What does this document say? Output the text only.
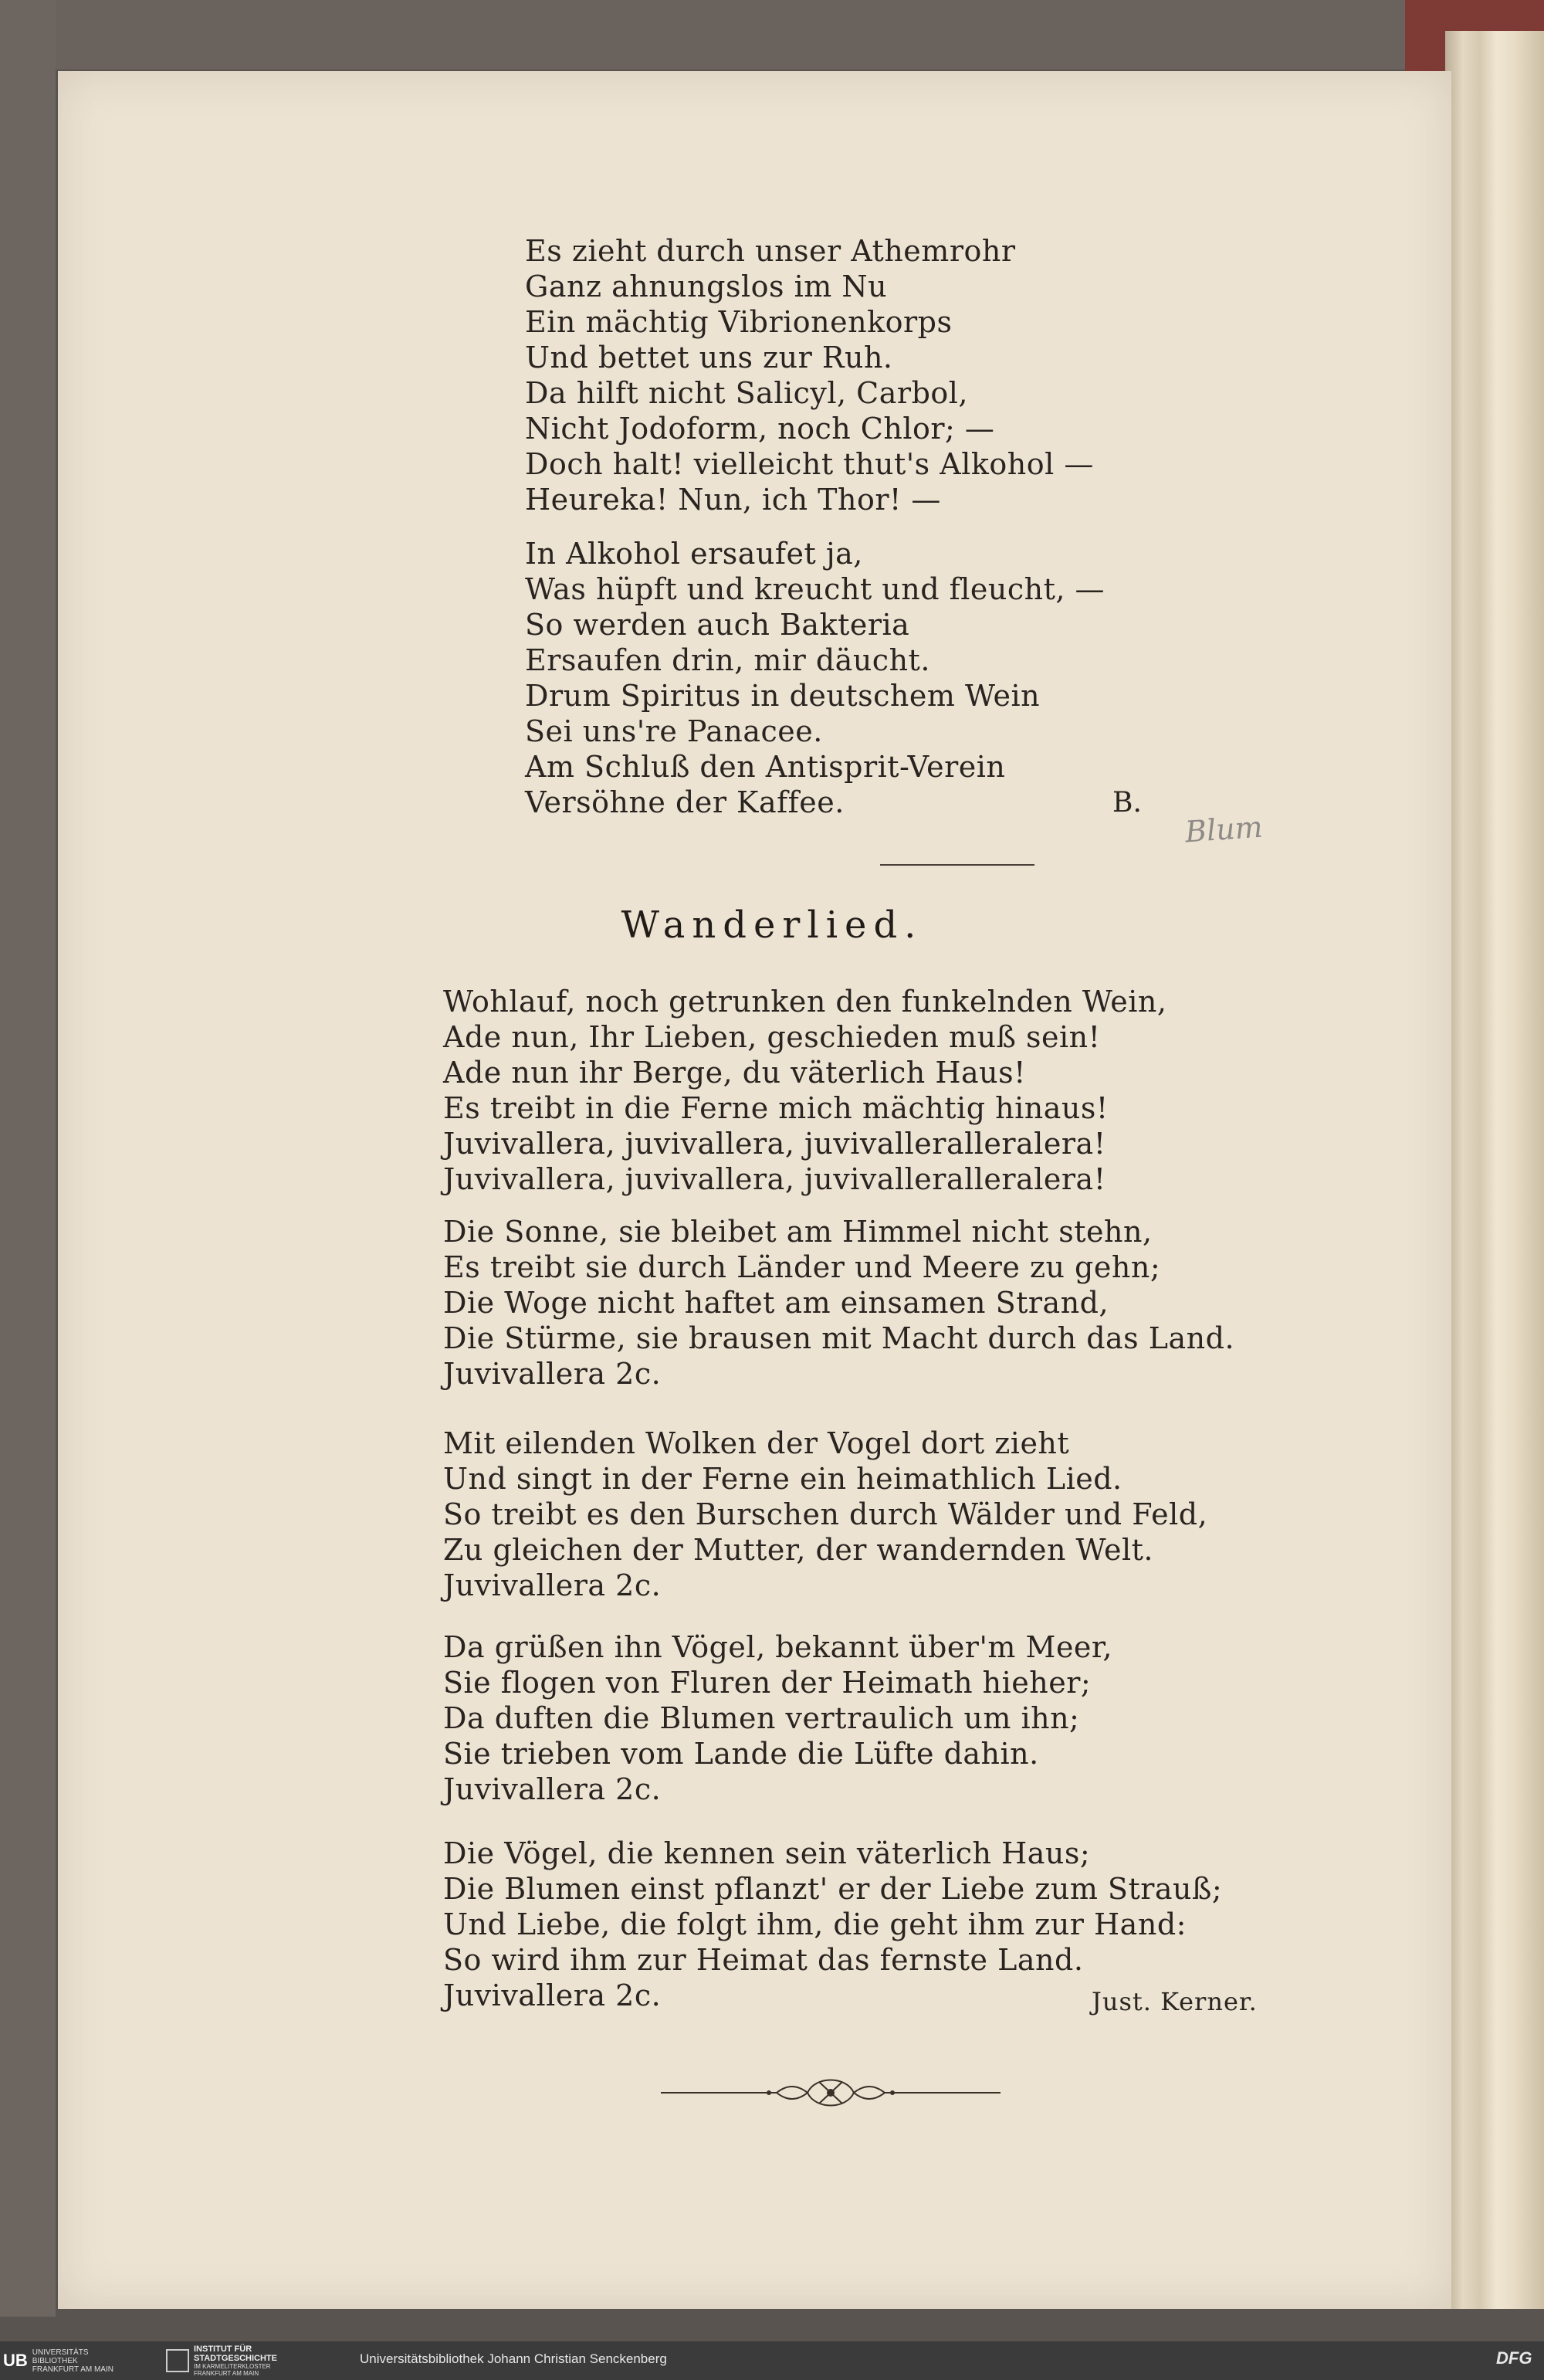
Es zieht durch unser Athemrohr
Ganz ahnungslos im Nu
Ein mächtig Vibrionenkorps
Und bettet uns zur Ruh.
Da hilft nicht Salicyl, Carbol,
Nicht Jodoform, noch Chlor; —
Doch halt! vielleicht thut's Alkohol —
Heureka! Nun, ich Thor! —
In Alkohol ersaufet ja,
Was hüpft und kreucht und fleucht, —
So werden auch Bakteria
Ersaufen drin, mir däucht.
Drum Spiritus in deutschem Wein
Sei uns're Panacee.
Am Schluß den Antisprit-Verein
Versöhne der Kaffee.	B.
Blum
Wanderlied.
Wohlauf, noch getrunken den funkelnden Wein,
Ade nun, Ihr Lieben, geschieden muß sein!
Ade nun ihr Berge, du väterlich Haus!
Es treibt in die Ferne mich mächtig hinaus!
Juvivallera, juvivallera, juvivalleralleralera!
Juvivallera, juvivallera, juvivalleralleralera!
Die Sonne, sie bleibet am Himmel nicht stehn,
Es treibt sie durch Länder und Meere zu gehn;
Die Woge nicht haftet am einsamen Strand,
Die Stürme, sie brausen mit Macht durch das Land.
Juvivallera 2c.
Mit eilenden Wolken der Vogel dort zieht
Und singt in der Ferne ein heimathlich Lied.
So treibt es den Burschen durch Wälder und Feld,
Zu gleichen der Mutter, der wandernden Welt.
Juvivallera 2c.
Da grüßen ihn Vögel, bekannt über'm Meer,
Sie flogen von Fluren der Heimath hieher;
Da duften die Blumen vertraulich um ihn;
Sie trieben vom Lande die Lüfte dahin.
Juvivallera 2c.
Die Vögel, die kennen sein väterlich Haus;
Die Blumen einst pflanzt' er der Liebe zum Strauß;
Und Liebe, die folgt ihm, die geht ihm zur Hand:
So wird ihm zur Heimat das fernste Land.
Juvivallera 2c.	Just. Kerner.
UB UNIVERSITÄTS
BIBLIOTHEK
FRANKFURT AM MAIN
INSTITUT FÜR
STADTGESCHICHTE
IM KARMELITERKLOSTER
FRANKFURT AM MAIN
Universitätsbibliothek Johann Christian Senckenberg	DFG
